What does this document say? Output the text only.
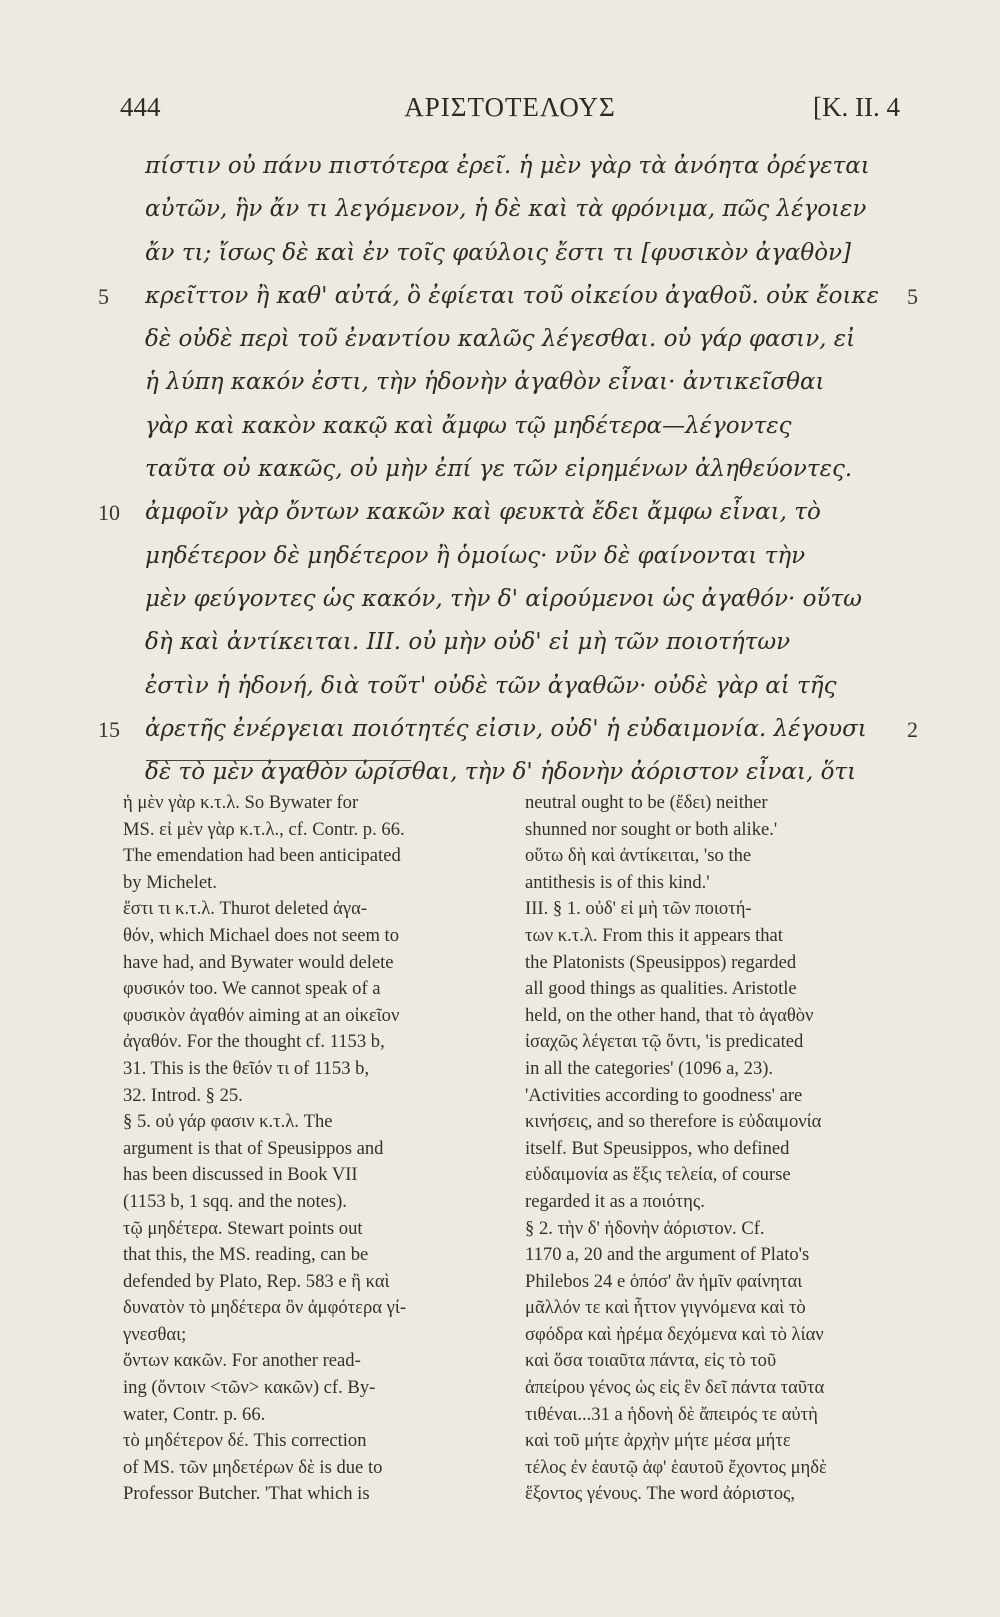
444	ΑΡΙΣΤΟΤΕΛΟΥΣ	[K. II. 4
πίστιν οὐ πάνυ πιστότερα ἐρεῖ. ἡ μὲν γὰρ τὰ ἀνόητα ὀρέγεται
αὐτῶν, ἣν ἄν τι λεγόμενον, ἡ δὲ καὶ τὰ φρόνιμα, πῶς λέγοιεν
ἄν τι; ἴσως δὲ καὶ ἐν τοῖς φαύλοις ἔστι τι [φυσικὸν ἀγαθὸν]
5 κρεῖττον ἢ καθ' αὐτά, ὃ ἐφίεται τοῦ οἰκείου ἀγαθοῦ. οὐκ ἔοικε 5
δὲ οὐδὲ περὶ τοῦ ἐναντίου καλῶς λέγεσθαι. οὐ γάρ φασιν, εἰ
ἡ λύπη κακόν ἐστι, τὴν ἡδονὴν ἀγαθὸν εἶναι· ἀντικεῖσθαι
γὰρ καὶ κακὸν κακῷ καὶ ἄμφω τῷ μηδέτερα—λέγοντες
ταῦτα οὐ κακῶς, οὐ μὴν ἐπί γε τῶν εἰρημένων ἀληθεύοντες.
10 ἀμφοῖν γὰρ ὄντων κακῶν καὶ φευκτὰ ἔδει ἄμφω εἶναι, τὸ
μηδέτερον δὲ μηδέτερον ἢ ὁμοίως· νῦν δὲ φαίνονται τὴν
μὲν φεύγοντες ὡς κακόν, τὴν δ' αἱρούμενοι ὡς ἀγαθόν· οὕτω
δὴ καὶ ἀντίκειται. III. οὐ μὴν οὐδ' εἰ μὴ τῶν ποιοτήτων
ἐστὶν ἡ ἡδονή, διὰ τοῦτ' οὐδὲ τῶν ἀγαθῶν· οὐδὲ γὰρ αἱ τῆς
15 ἀρετῆς ἐνέργειαι ποιότητές εἰσιν, οὐδ' ἡ εὐδαιμονία. λέγουσι 2
δὲ τὸ μὲν ἀγαθὸν ὡρίσθαι, τὴν δ' ἡδονὴν ἀόριστον εἶναι, ὅτι
ἡ μὲν γὰρ κ.τ.λ. So Bywater for
MS. εἰ μὲν γὰρ κ.τ.λ., cf. Contr. p. 66.
The emendation had been anticipated
by Michelet.
ἔστι τι κ.τ.λ. Thurot deleted ἀγα-
θόν, which Michael does not seem to
have had, and Bywater would delete
φυσικόν too. We cannot speak of a
φυσικὸν ἀγαθόν aiming at an οἰκεῖον
ἀγαθόν. For the thought cf. 1153 b,
31. This is the θεῖόν τι of 1153 b,
32. Introd. § 25.
§ 5. οὐ γάρ φασιν κ.τ.λ. The
argument is that of Speusippos and
has been discussed in Book VII
(1153 b, 1 sqq. and the notes).
τῷ μηδέτερα. Stewart points out
that this, the MS. reading, can be
defended by Plato, Rep. 583 e ἢ καὶ
δυνατὸν τὸ μηδέτερα ὂν ἀμφότερα γί-
γνεσθαι;
ὄντων κακῶν. For another read-
ing (ὄντοιν <τῶν> κακῶν) cf. By-
water, Contr. p. 66.
τὸ μηδέτερον δέ. This correction
of MS. τῶν μηδετέρων δὲ is due to
Professor Butcher. 'That which is
neutral ought to be (ἔδει) neither
shunned nor sought or both alike.'
οὕτω δὴ καὶ ἀντίκειται, 'so the
antithesis is of this kind.'
III. § 1. οὐδ' εἰ μὴ τῶν ποιοτή-
των κ.τ.λ. From this it appears that
the Platonists (Speusippos) regarded
all good things as qualities. Aristotle
held, on the other hand, that τὸ ἀγαθὸν
ἰσαχῶς λέγεται τῷ ὄντι, 'is predicated
in all the categories' (1096 a, 23).
'Activities according to goodness' are
κινήσεις, and so therefore is εὐδαιμονία
itself. But Speusippos, who defined
εὐδαιμονία as ἕξις τελεία, of course
regarded it as a ποιότης.
§ 2. τὴν δ' ἡδονὴν ἀόριστον. Cf.
1170 a, 20 and the argument of Plato's
Philebos 24 e ὁπόσ' ἂν ἡμῖν φαίνηται
μᾶλλόν τε καὶ ἧττον γιγνόμενα καὶ τὸ
σφόδρα καὶ ἠρέμα δεχόμενα καὶ τὸ λίαν
καὶ ὅσα τοιαῦτα πάντα, εἰς τὸ τοῦ
ἀπείρου γένος ὡς εἰς ἓν δεῖ πάντα ταῦτα
τιθέναι...31 a ἡδονὴ δὲ ἄπειρός τε αὐτὴ
καὶ τοῦ μήτε ἀρχὴν μήτε μέσα μήτε
τέλος ἐν ἑαυτῷ ἀφ' ἑαυτοῦ ἔχοντος μηδὲ
ἕξοντος γένους. The word ἀόριστος,
